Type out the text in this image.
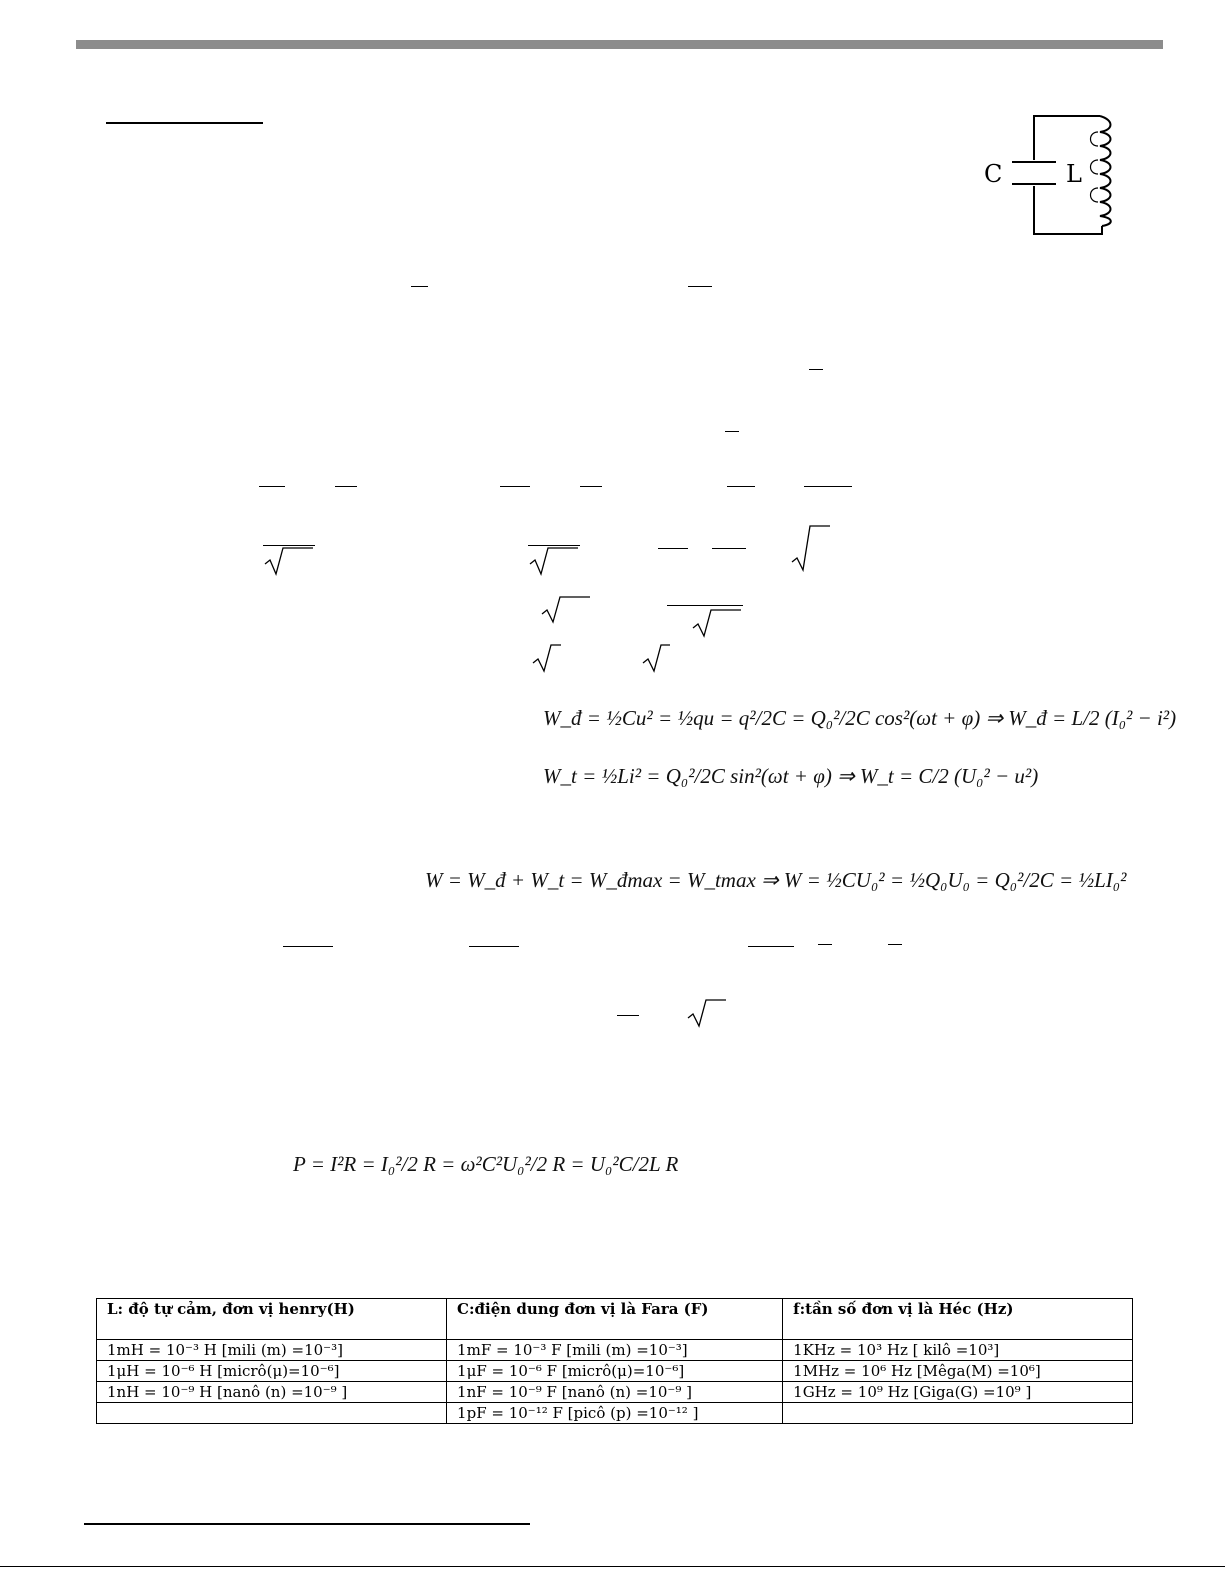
C	L
W_đ = ½Cu² = ½qu = q²/2C = Q₀²/2C cos²(ωt + φ) ⇒ W_đ = L/2 (I₀² − i²)
W_t = ½Li² = Q₀²/2C sin²(ωt + φ) ⇒ W_t = C/2 (U₀² − u²)
W = W_đ + W_t = W_đmax = W_tmax ⇒ W = ½CU₀² = ½Q₀U₀ = Q₀²/2C = ½LI₀²
P = I²R = I₀²/2 R = ω²C²U₀²/2 R = U₀²C/2L R
L: độ tự cảm, đơn vị henry(H)	C:điện dung đơn vị là Fara (F)	f:tần số đơn vị là Héc (Hz)
1mH = 10⁻³ H [mili (m) =10⁻³]	1mF = 10⁻³ F [mili (m) =10⁻³]	1KHz = 10³ Hz [ kilô =10³]
1μH = 10⁻⁶ H [micrô(μ)=10⁻⁶]	1μF = 10⁻⁶ F [micrô(μ)=10⁻⁶]	1MHz = 10⁶ Hz [Mêga(M) =10⁶]
1nH = 10⁻⁹ H [nanô (n) =10⁻⁹ ]	1nF = 10⁻⁹ F [nanô (n) =10⁻⁹ ]	1GHz = 10⁹ Hz [Giga(G) =10⁹ ]
	1pF = 10⁻¹² F [picô (p) =10⁻¹² ]	
